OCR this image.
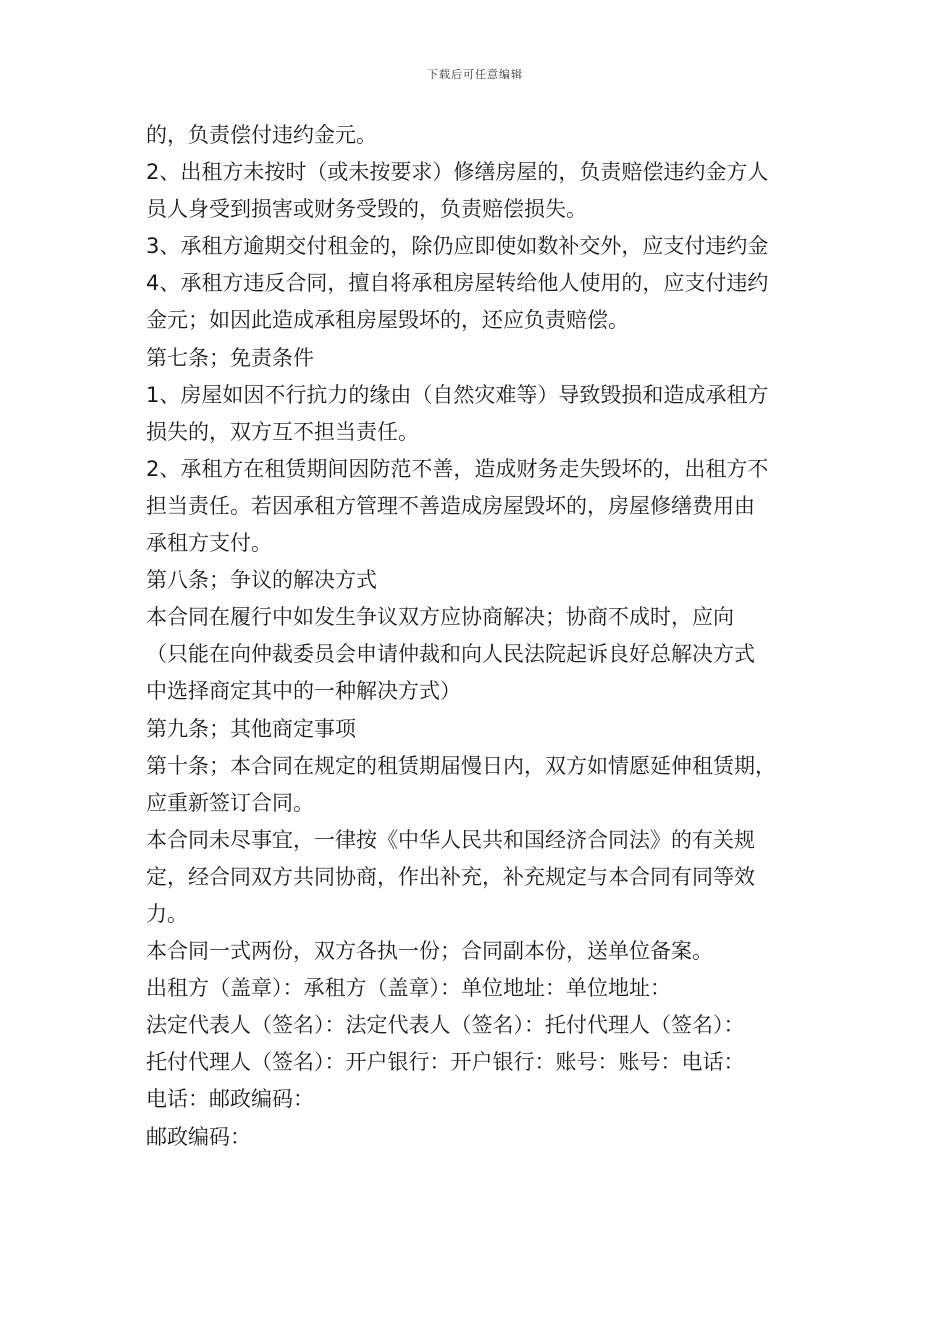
下载后可任意编辑
的，负责偿付违约金元。
2、出租方未按时（或未按要求）修缮房屋的，负责赔偿违约金方人
员人身受到损害或财务受毁的，负责赔偿损失。
3、承租方逾期交付租金的，除仍应即使如数补交外，应支付违约金
4、承租方违反合同，擅自将承租房屋转给他人使用的，应支付违约
金元；如因此造成承租房屋毁坏的，还应负责赔偿。
第七条；免责条件
1、房屋如因不行抗力的缘由（自然灾难等）导致毁损和造成承租方
损失的，双方互不担当责任。
2、承租方在租赁期间因防范不善，造成财务走失毁坏的，出租方不
担当责任。若因承租方管理不善造成房屋毁坏的，房屋修缮费用由
承租方支付。
第八条；争议的解决方式
本合同在履行中如发生争议双方应协商解决；协商不成时，应向
（只能在向仲裁委员会申请仲裁和向人民法院起诉良好总解决方式
中选择商定其中的一种解决方式）
第九条；其他商定事项
第十条；本合同在规定的租赁期届慢日内，双方如情愿延伸租赁期，
应重新签订合同。
本合同未尽事宜，一律按《中华人民共和国经济合同法》的有关规
定，经合同双方共同协商，作出补充，补充规定与本合同有同等效
力。
本合同一式两份，双方各执一份；合同副本份，送单位备案。
出租方（盖章）：承租方（盖章）：单位地址：单位地址：
法定代表人（签名）：法定代表人（签名）：托付代理人（签名）：
托付代理人（签名）：开户银行：开户银行：账号：账号：电话：
电话：邮政编码：
邮政编码：
